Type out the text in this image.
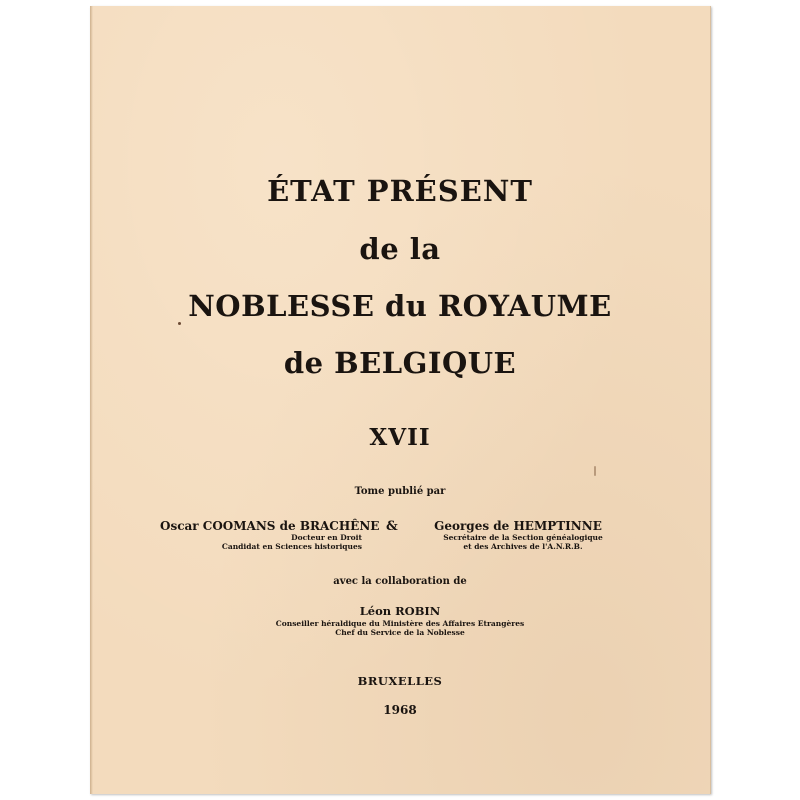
ÉTAT PRÉSENT
de la
NOBLESSE du ROYAUME
de BELGIQUE
XVII
Tome publié par
Oscar COOMANS de BRACHÊNE
Docteur en Droit
Candidat en Sciences historiques
&	Georges de HEMPTINNE
Secrétaire de la Section généalogique
et des Archives de l'A.N.R.B.
avec la collaboration de
Léon ROBIN
Conseiller héraldique du Ministère des Affaires Etrangères
Chef du Service de la Noblesse
BRUXELLES
1968
